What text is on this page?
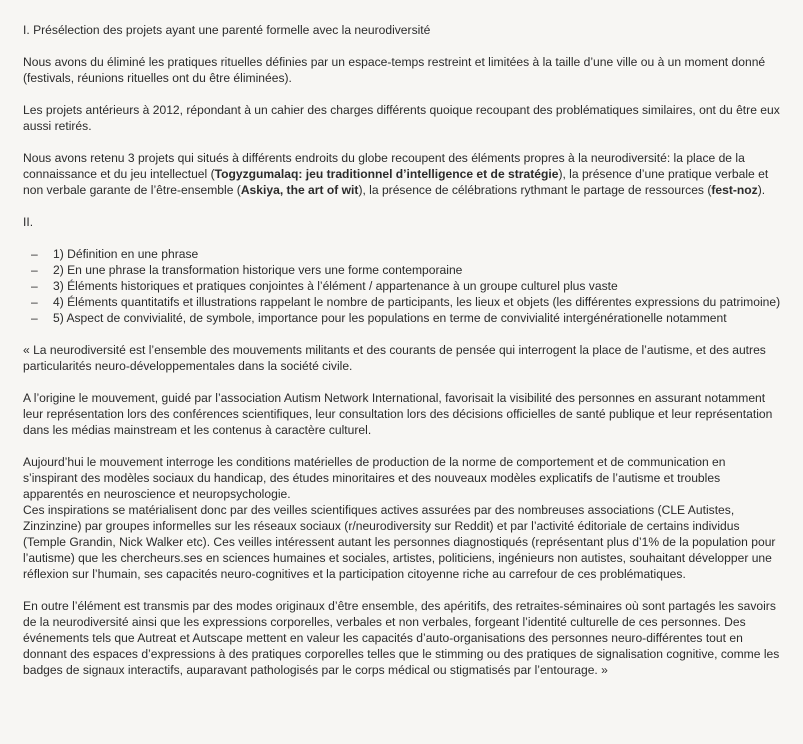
I. Présélection des projets ayant une parenté formelle avec la neurodiversité

Nous avons du éliminé les pratiques rituelles définies par un espace-temps restreint et limitées à la taille d’une ville ou à un moment donné (festivals, réunions rituelles ont du être éliminées).

Les projets antérieurs à 2012, répondant à un cahier des charges différents quoique recoupant des problématiques similaires, ont du être eux aussi retirés.

Nous avons retenu 3 projets qui situés à différents endroits du globe recoupent des éléments propres à la neurodiversité: la place de la connaissance et du jeu intellectuel (Togyzgumalaq: jeu traditionnel d’intelligence et de stratégie), la présence d’une pratique verbale et non verbale garante de l’être-ensemble (Askiya, the art of wit), la présence de célébrations rythmant le partage de ressources (fest-noz).

II.

– 1) Définition en une phrase
– 2) En une phrase la transformation historique vers une forme contemporaine
– 3) Éléments historiques et pratiques conjointes à l’élément / appartenance à un groupe culturel plus vaste
– 4) Éléments quantitatifs et illustrations rappelant le nombre de participants, les lieux et objets (les différentes expressions du patrimoine)
– 5) Aspect de convivialité, de symbole, importance pour les populations en terme de convivialité intergénérationelle notamment

« La neurodiversité est l’ensemble des mouvements militants et des courants de pensée qui interrogent la place de l’autisme, et des autres particularités neuro-développementales dans la société civile.

A l’origine le mouvement, guidé par l’association Autism Network International, favorisait la visibilité des personnes en assurant notamment leur représentation lors des conférences scientifiques, leur consultation lors des décisions officielles de santé publique et leur représentation dans les médias mainstream et les contenus à caractère culturel.

Aujourd’hui le mouvement interroge les conditions matérielles de production de la norme de comportement et de communication en s’inspirant des modèles sociaux du handicap, des études minoritaires et des nouveaux modèles explicatifs de l’autisme et troubles apparentés en neuroscience et neuropsychologie.

Ces inspirations se matérialisent donc par des veilles scientifiques actives assurées par des nombreuses associations (CLE Autistes, Zinzinzine) par groupes informelles sur les réseaux sociaux (r/neurodiversity sur Reddit) et par l’activité éditoriale de certains individus (Temple Grandin, Nick Walker etc). Ces veilles intéressent autant les personnes diagnostiqués (représentant plus d’1% de la population pour l’autisme) que les chercheurs.ses en sciences humaines et sociales, artistes, politiciens, ingénieurs non autistes, souhaitant développer une réflexion sur l’humain, ses capacités neuro-cognitives et la participation citoyenne riche au carrefour de ces problématiques.

En outre l’élément est transmis par des modes originaux d’être ensemble, des apéritifs, des retraites-séminaires où sont partagés les savoirs de la neurodiversité ainsi que les expressions corporelles, verbales et non verbales, forgeant l’identité culturelle de ces personnes. Des événements tels que Autreat et Autscape mettent en valeur les capacités d’auto-organisations des personnes neuro-différentes tout en donnant des espaces d’expressions à des pratiques corporelles telles que le stimming ou des pratiques de signalisation cognitive, comme les badges de signaux interactifs, auparavant pathologisés par le corps médical ou stigmatisés par l’entourage. »
